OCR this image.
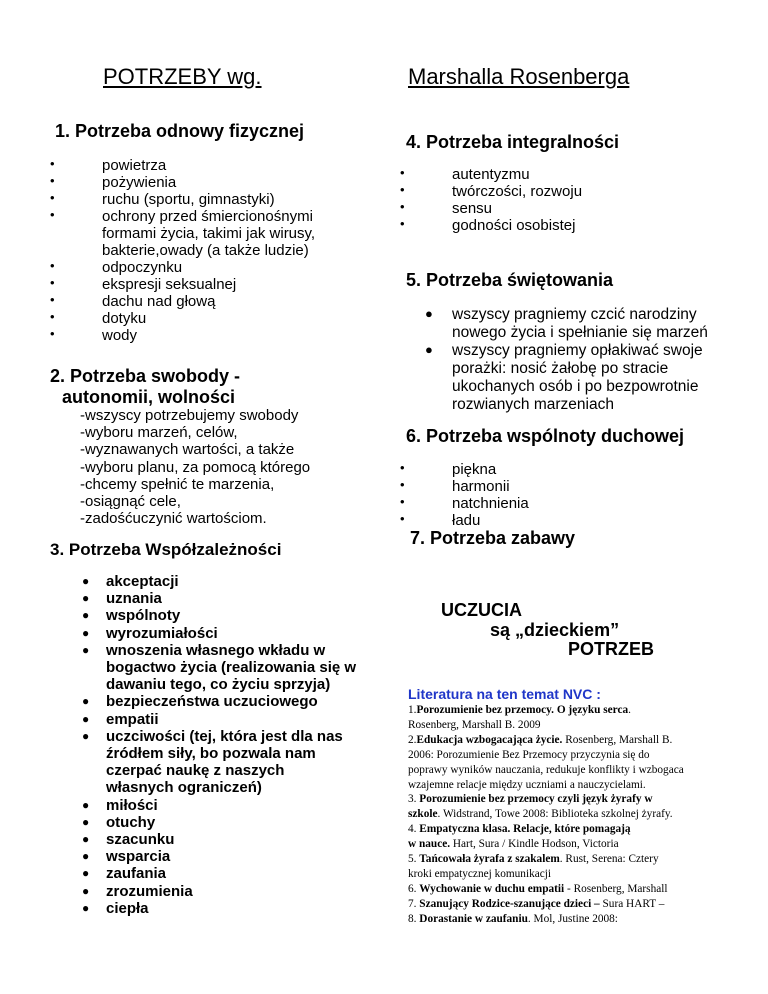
POTRZEBY wg.	Marshalla Rosenberga
1. Potrzeba odnowy fizycznej
•	powietrza
•	pożywienia
•	ruchu (sportu, gimnastyki)
•	ochrony przed śmiercionośnymi
formami życia, takimi jak wirusy,
bakterie,owady (a także ludzie)
•	odpoczynku
•	ekspresji seksualnej
•	dachu nad głową
•	dotyku
•	wody
2. Potrzeba swobody -
autonomii, wolności
-wszyscy potrzebujemy swobody
-wyboru marzeń, celów,
-wyznawanych wartości, a także
-wyboru planu, za pomocą którego
-chcemy spełnić te marzenia,
-osiągnąć cele,
-zadośćuczynić wartościom.
3. Potrzeba Współzależności
● akceptacji
● uznania
● wspólnoty
● wyrozumiałości
● wnoszenia własnego wkładu w
bogactwo życia (realizowania się w
dawaniu tego, co życiu sprzyja)
● bezpieczeństwa uczuciowego
● empatii
● uczciwości (tej, która jest dla nas
źródłem siły, bo pozwala nam
czerpać naukę z naszych
własnych ograniczeń)
● miłości
● otuchy
● szacunku
● wsparcia
● zaufania
● zrozumienia
● ciepła
4. Potrzeba integralności
•	autentyzmu
•	twórczości, rozwoju
•	sensu
•	godności osobistej
5. Potrzeba świętowania
● wszyscy pragniemy czcić narodziny
nowego życia i spełnianie się marzeń
● wszyscy pragniemy opłakiwać swoje
porażki: nosić żałobę po stracie
ukochanych osób i po bezpowrotnie
rozwianych marzeniach
6. Potrzeba wspólnoty duchowej
•	piękna
•	harmonii
•	natchnienia
•	ładu
7. Potrzeba zabawy
UCZUCIA
są „dzieckiem”
POTRZEB
Literatura na ten temat NVC :
1.Porozumienie bez przemocy. O języku serca.
Rosenberg, Marshall B. 2009
2.Edukacja wzbogacająca życie. Rosenberg, Marshall B.
2006: Porozumienie Bez Przemocy przyczynia się do
poprawy wyników nauczania, redukuje konflikty i wzbogaca
wzajemne relacje między uczniami a nauczycielami.
3. Porozumienie bez przemocy czyli język żyrafy w
szkole. Widstrand, Towe 2008: Biblioteka szkolnej żyrafy.
4. Empatyczna klasa. Relacje, które pomagają
w nauce. Hart, Sura / Kindle Hodson, Victoria
5. Tańcowała żyrafa z szakalem. Rust, Serena: Cztery
kroki empatycznej komunikacji
6. Wychowanie w duchu empatii - Rosenberg, Marshall
7. Szanujący Rodzice-szanujące dzieci – Sura HART –
8. Dorastanie w zaufaniu. Mol, Justine 2008:
